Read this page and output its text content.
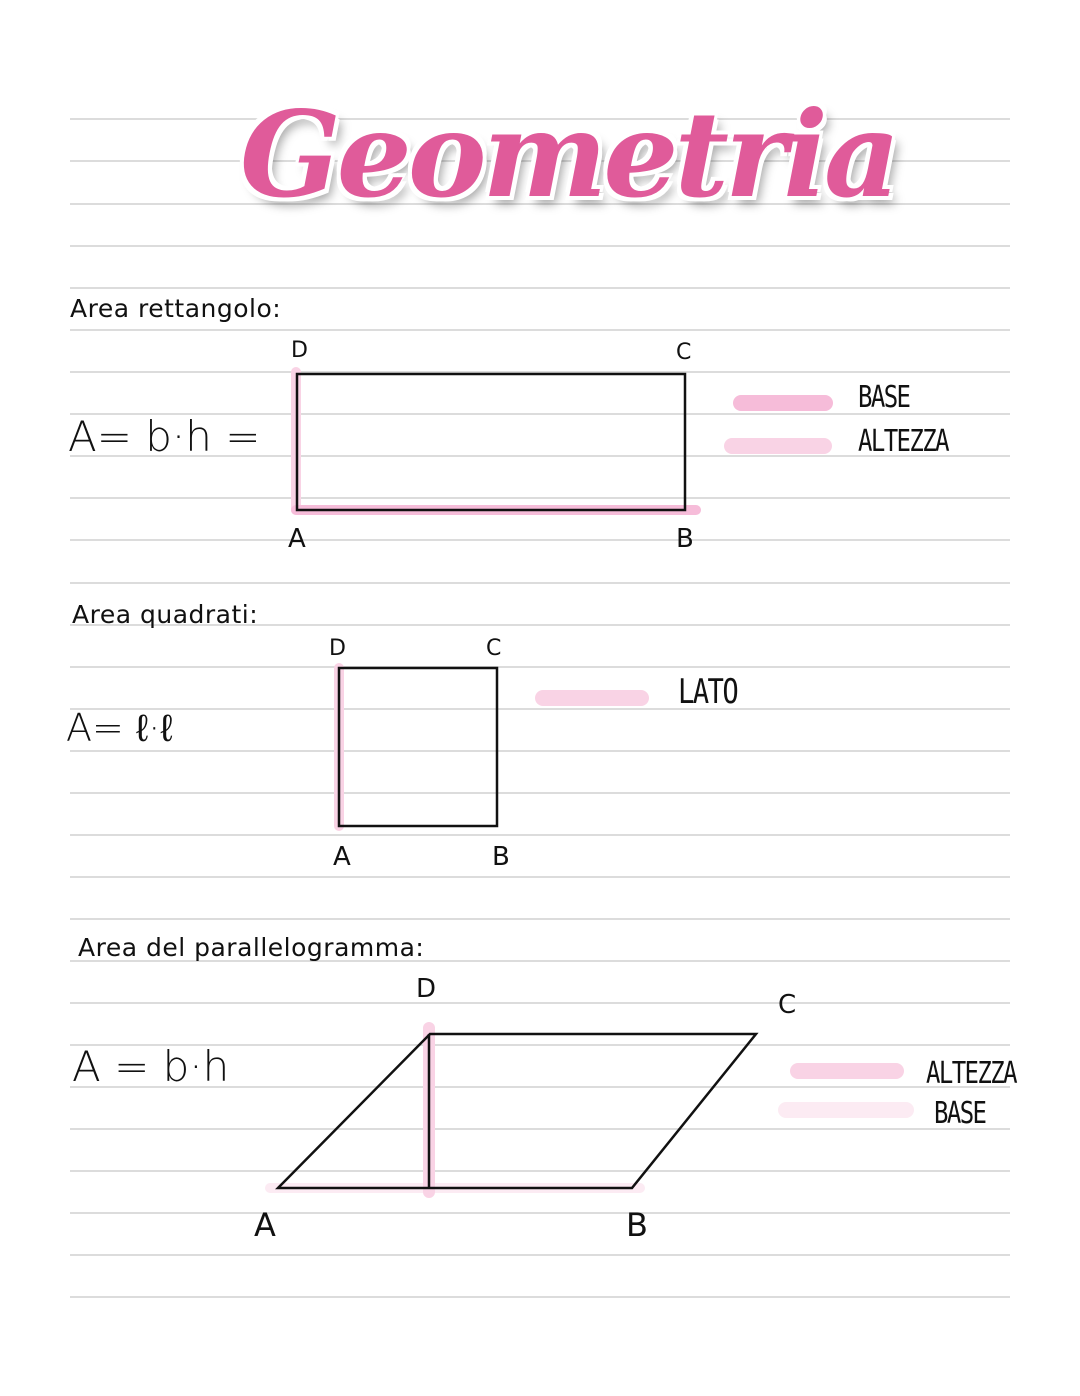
Geometria
Area rettangolo:
A= b·h =
D	C
A	B
BASE
ALTEZZA
Area quadrati:
A= ℓ·ℓ
D	C
A	B
LATO
Area del parallelogramma:
A = b·h
D
C
A	B
ALTEZZA
BASE
